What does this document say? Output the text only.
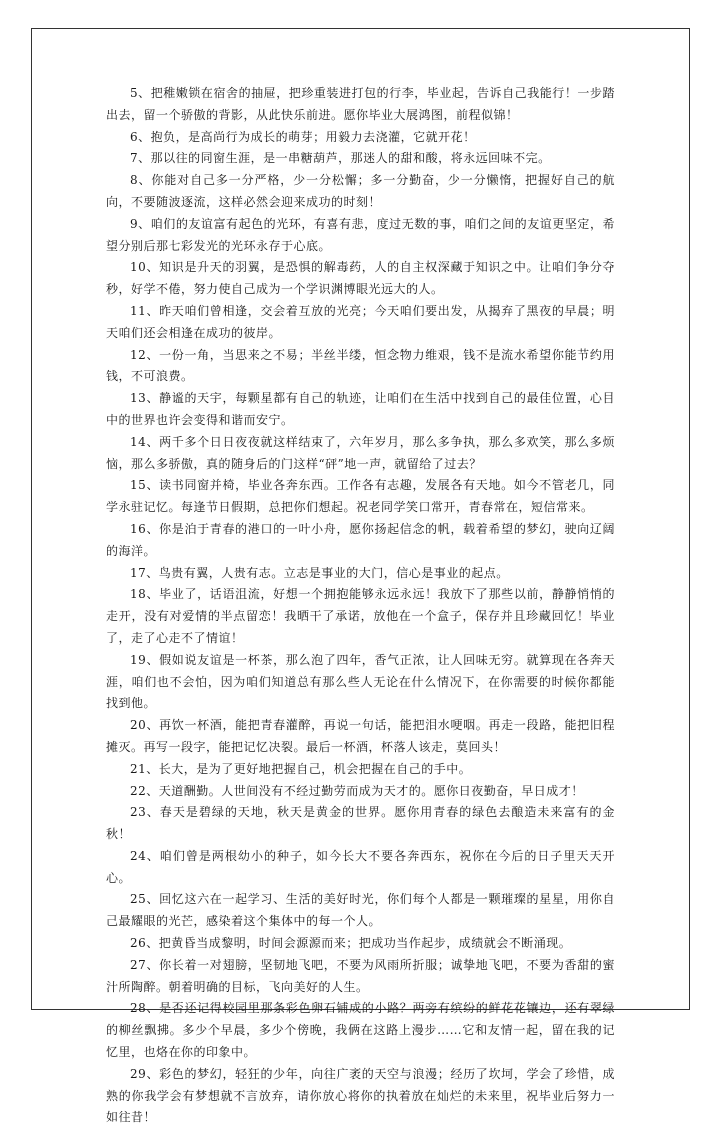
5、把稚嫩锁在宿舍的抽屉，把珍重装进打包的行李，毕业起，告诉自己我能行！一步踏出去，留一个骄傲的背影，从此快乐前进。愿你毕业大展鸿图，前程似锦！

6、抱负，是高尚行为成长的萌芽；用毅力去浇灌，它就开花！

7、那以往的同窗生涯，是一串糖葫芦，那迷人的甜和酸，将永远回味不完。

8、你能对自己多一分严格，少一分松懈；多一分勤奋，少一分懒惰，把握好自己的航向，不要随波逐流，这样必然会迎来成功的时刻！

9、咱们的友谊富有起色的光环，有喜有悲，度过无数的事，咱们之间的友谊更坚定，希望分别后那七彩发光的光环永存于心底。

10、知识是升天的羽翼，是恐惧的解毒药，人的自主权深藏于知识之中。让咱们争分夺秒，好学不倦，努力使自己成为一个学识渊博眼光远大的人。

11、昨天咱们曾相逢，交会着互放的光亮；今天咱们要出发，从揭弃了黑夜的早晨；明天咱们还会相逢在成功的彼岸。

12、一份一角，当思来之不易；半丝半缕，恒念物力维艰，钱不是流水希望你能节约用钱，不可浪费。

13、静谧的天宇，每颗星都有自己的轨迹，让咱们在生活中找到自己的最佳位置，心目中的世界也许会变得和谐而安宁。

14、两千多个日日夜夜就这样结束了，六年岁月，那么多争执，那么多欢笑，那么多烦恼，那么多骄傲，真的随身后的门这样“砰”地一声，就留给了过去？

15、读书同窗并椅，毕业各奔东西。工作各有志趣，发展各有天地。如今不管老几，同学永驻记忆。每逢节日假期，总把你们想起。祝老同学笑口常开，青春常在，短信常来。

16、你是泊于青春的港口的一叶小舟，愿你扬起信念的帆，载着希望的梦幻，驶向辽阔的海洋。

17、鸟贵有翼，人贵有志。立志是事业的大门，信心是事业的起点。

18、毕业了，话语沮流，好想一个拥抱能够永远永远！我放下了那些以前，静静悄悄的走开，没有对爱情的半点留恋！我晒干了承诺，放他在一个盒子，保存并且珍藏回忆！毕业了，走了心走不了情谊！

19、假如说友谊是一杯茶，那么泡了四年，香气正浓，让人回味无穷。就算现在各奔天涯，咱们也不会怕，因为咱们知道总有那么些人无论在什么情况下，在你需要的时候你都能找到他。

20、再饮一杯酒，能把青春灌醉，再说一句话，能把泪水哽咽。再走一段路，能把旧程摊灭。再写一段字，能把记忆决裂。最后一杯酒，杯落人该走，莫回头！

21、长大，是为了更好地把握自己，机会把握在自己的手中。

22、天道酬勤。人世间没有不经过勤劳而成为天才的。愿你日夜勤奋，早日成才！

23、春天是碧绿的天地，秋天是黄金的世界。愿你用青春的绿色去酿造未来富有的金秋！

24、咱们曾是两根幼小的种子，如今长大不要各奔西东，祝你在今后的日子里天天开心。

25、回忆这六在一起学习、生活的美好时光，你们每个人都是一颗璀璨的星星，用你自己最耀眼的光芒，感染着这个集体中的每一个人。

26、把黄昏当成黎明，时间会源源而来；把成功当作起步，成绩就会不断涌现。

27、你长着一对翅膀，坚韧地飞吧，不要为风雨所折服；诚挚地飞吧，不要为香甜的蜜汁所陶醉。朝着明确的目标，飞向美好的人生。

28、是否还记得校园里那条彩色卵石铺成的小路？两旁有缤纷的鲜花花镶边，还有翠绿的柳丝飘拂。多少个早晨，多少个傍晚，我俩在这路上漫步……它和友情一起，留在我的记忆里，也烙在你的印象中。

29、彩色的梦幻，轻狂的少年，向往广袤的天空与浪漫；经历了坎坷，学会了珍惜，成熟的你我学会有梦想就不言放弃，请你放心将你的执着放在灿烂的未来里，祝毕业后努力一如往昔！
